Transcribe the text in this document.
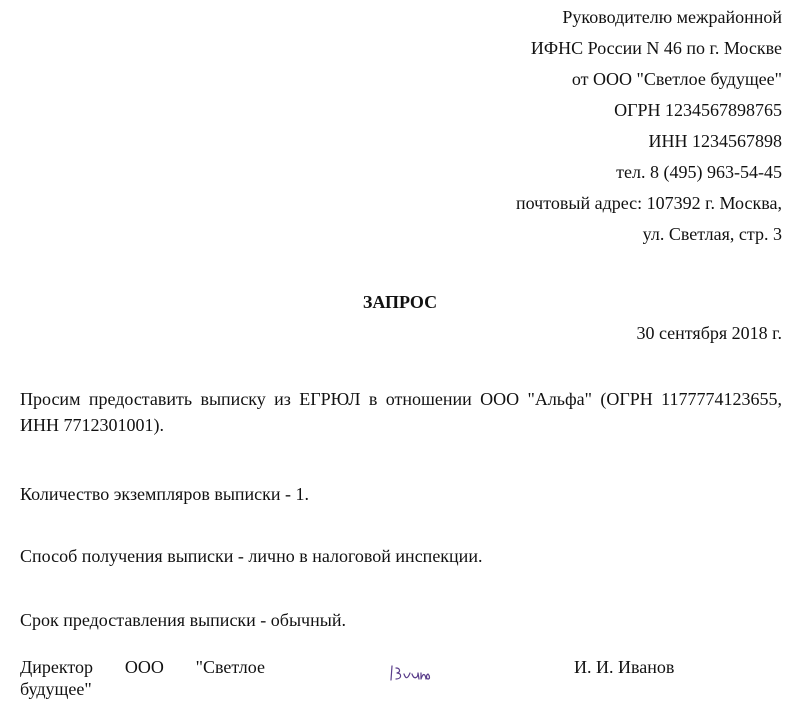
Руководителю межрайонной
ИФНС России N 46 по г. Москве
от ООО "Светлое будущее"
ОГРН 1234567898765
ИНН 1234567898
тел. 8 (495) 963-54-45
почтовый адрес: 107392 г. Москва,
ул. Светлая, стр. 3
ЗАПРОС
30 сентября 2018 г.
Просим предоставить выписку из ЕГРЮЛ в отношении ООО "Альфа" (ОГРН 1177774123655, ИНН 7712301001).
Количество экземпляров выписки - 1.
Способ получения выписки - лично в налоговой инспекции.
Срок предоставления выписки - обычный.
Директор ООО "Светлое будущее"
И. И. Иванов
